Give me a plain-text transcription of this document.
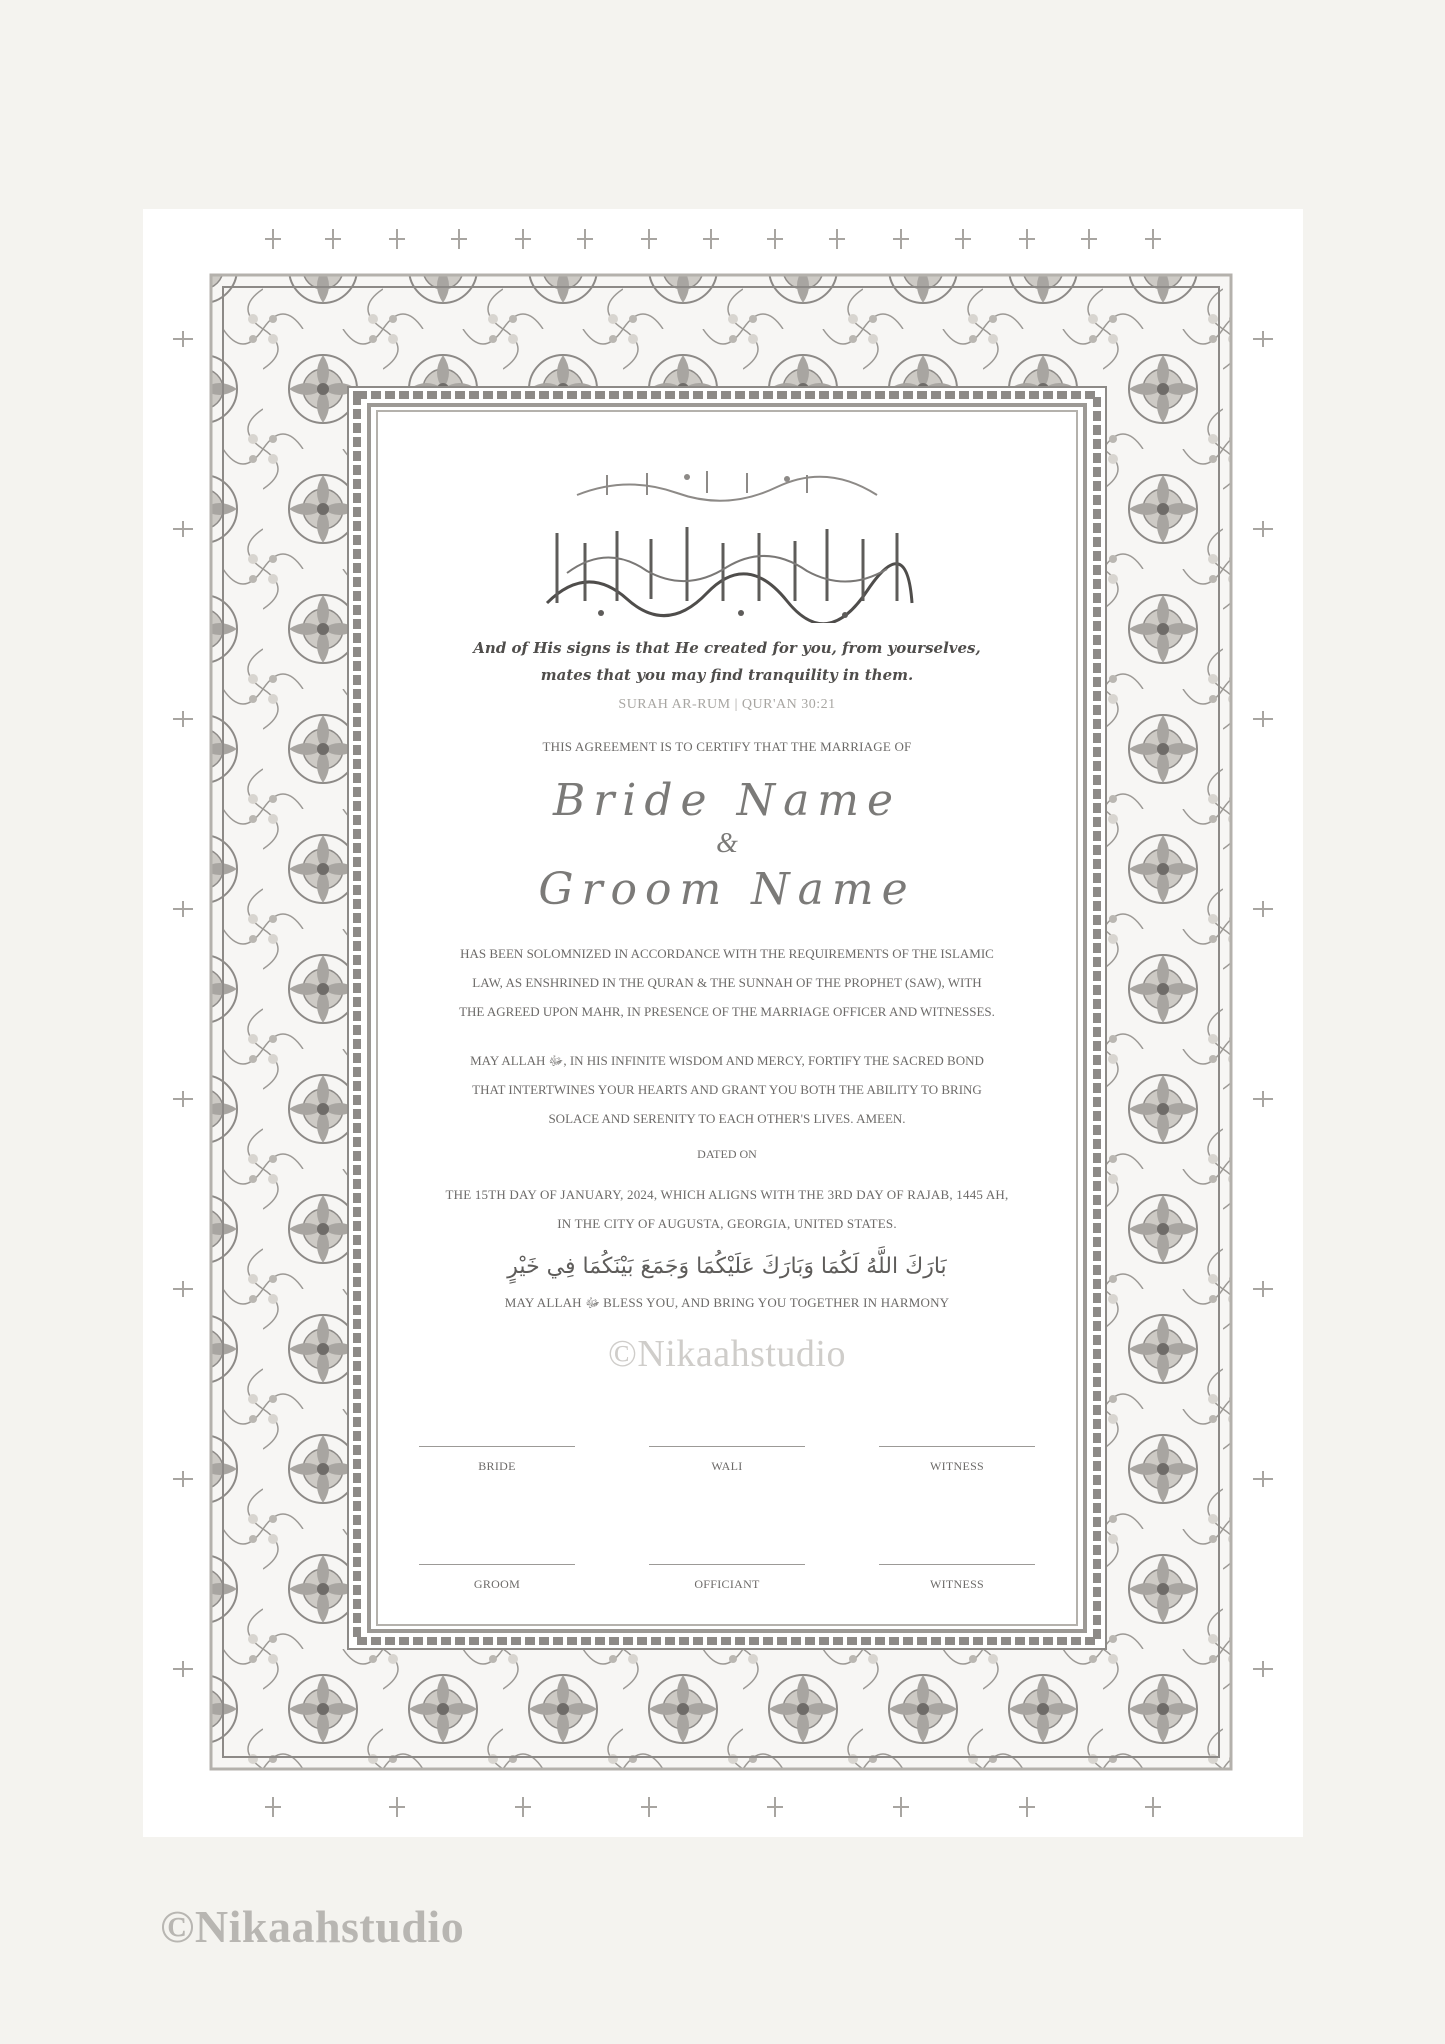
And of His signs is that He created for you, from yourselves,
mates that you may find tranquility in them.
SURAH AR-RUM | QUR'AN 30:21
THIS AGREEMENT IS TO CERTIFY THAT THE MARRIAGE OF
Bride Name
&
Groom Name
HAS BEEN SOLOMNIZED IN ACCORDANCE WITH THE REQUIREMENTS OF THE ISLAMIC
LAW, AS ENSHRINED IN THE QURAN & THE SUNNAH OF THE PROPHET (SAW), WITH
THE AGREED UPON MAHR, IN PRESENCE OF THE MARRIAGE OFFICER AND WITNESSES.
MAY ALLAH ﷻ, IN HIS INFINITE WISDOM AND MERCY, FORTIFY THE SACRED BOND
THAT INTERTWINES YOUR HEARTS AND GRANT YOU BOTH THE ABILITY TO BRING
SOLACE AND SERENITY TO EACH OTHER'S LIVES. AMEEN.
DATED ON
THE 15TH DAY OF JANUARY, 2024, WHICH ALIGNS WITH THE 3RD DAY OF RAJAB, 1445 AH,
IN THE CITY OF AUGUSTA, GEORGIA, UNITED STATES.
بَارَكَ اللَّهُ لَكُمَا وَبَارَكَ عَلَيْكُمَا وَجَمَعَ بَيْنَكُمَا فِي خَيْرٍ
MAY ALLAH ﷻ BLESS YOU, AND BRING YOU TOGETHER IN HARMONY
©Nikaahstudio
BRIDE	WALI	WITNESS
GROOM	OFFICIANT	WITNESS
©Nikaahstudio
